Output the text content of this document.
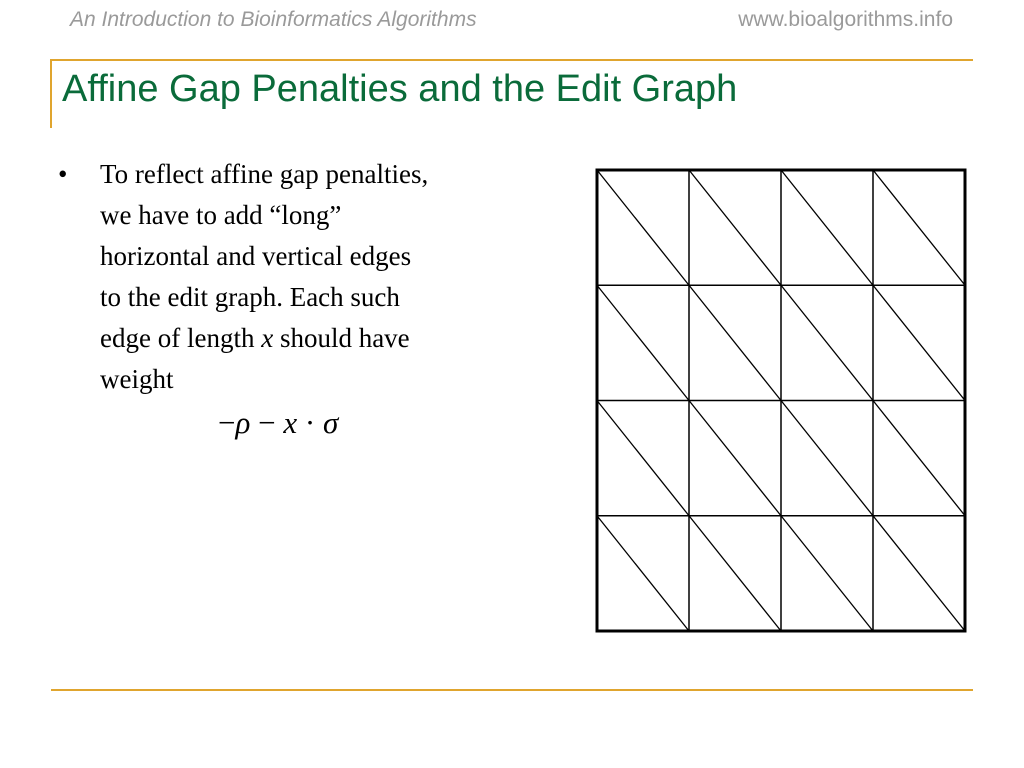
An Introduction to Bioinformatics Algorithms	www.bioalgorithms.info
Affine Gap Penalties and the Edit Graph
• To reflect affine gap penalties,
we have to add “long”
horizontal and vertical edges
to the edit graph. Each such
edge of length x should have
weight
−ρ − x · σ
